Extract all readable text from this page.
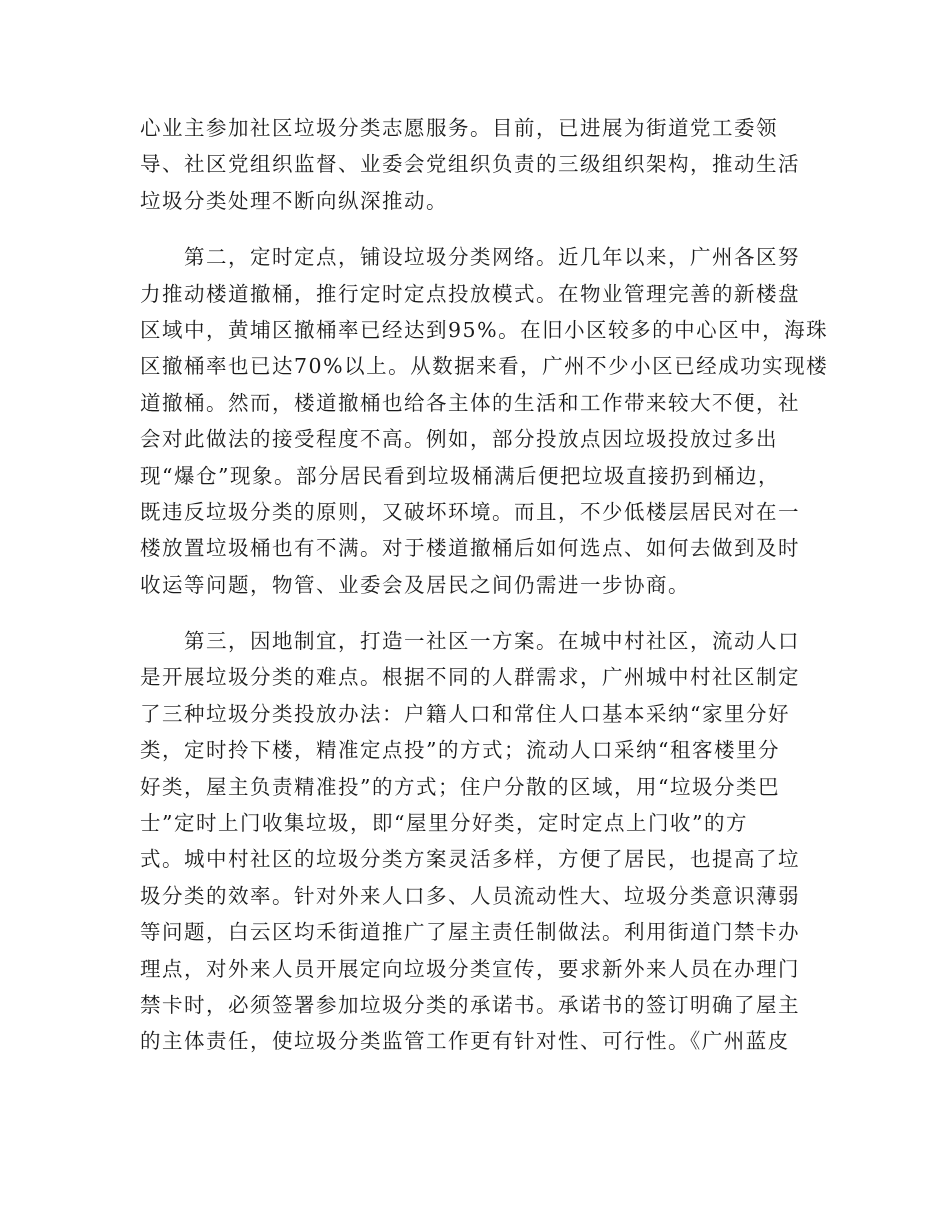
心业主参加社区垃圾分类志愿服务。目前，已进展为街道党工委领
导、社区党组织监督、业委会党组织负责的三级组织架构，推动生活
垃圾分类处理不断向纵深推动。
　　第二，定时定点，铺设垃圾分类网络。近几年以来，广州各区努
力推动楼道撤桶，推行定时定点投放模式。在物业管理完善的新楼盘
区域中，黄埔区撤桶率已经达到95%。在旧小区较多的中心区中，海珠
区撤桶率也已达70%以上。从数据来看，广州不少小区已经成功实现楼
道撤桶。然而，楼道撤桶也给各主体的生活和工作带来较大不便，社
会对此做法的接受程度不高。例如，部分投放点因垃圾投放过多出
现“爆仓”现象。部分居民看到垃圾桶满后便把垃圾直接扔到桶边，
既违反垃圾分类的原则，又破坏环境。而且，不少低楼层居民对在一
楼放置垃圾桶也有不满。对于楼道撤桶后如何选点、如何去做到及时
收运等问题，物管、业委会及居民之间仍需进一步协商。
　　第三，因地制宜，打造一社区一方案。在城中村社区，流动人口
是开展垃圾分类的难点。根据不同的人群需求，广州城中村社区制定
了三种垃圾分类投放办法：户籍人口和常住人口基本采纳“家里分好
类，定时拎下楼，精准定点投”的方式；流动人口采纳“租客楼里分
好类，屋主负责精准投”的方式；住户分散的区域，用“垃圾分类巴
士”定时上门收集垃圾，即“屋里分好类，定时定点上门收”的方
式。城中村社区的垃圾分类方案灵活多样，方便了居民，也提高了垃
圾分类的效率。针对外来人口多、人员流动性大、垃圾分类意识薄弱
等问题，白云区均禾街道推广了屋主责任制做法。利用街道门禁卡办
理点，对外来人员开展定向垃圾分类宣传，要求新外来人员在办理门
禁卡时，必须签署参加垃圾分类的承诺书。承诺书的签订明确了屋主
的主体责任，使垃圾分类监管工作更有针对性、可行性。《广州蓝皮
